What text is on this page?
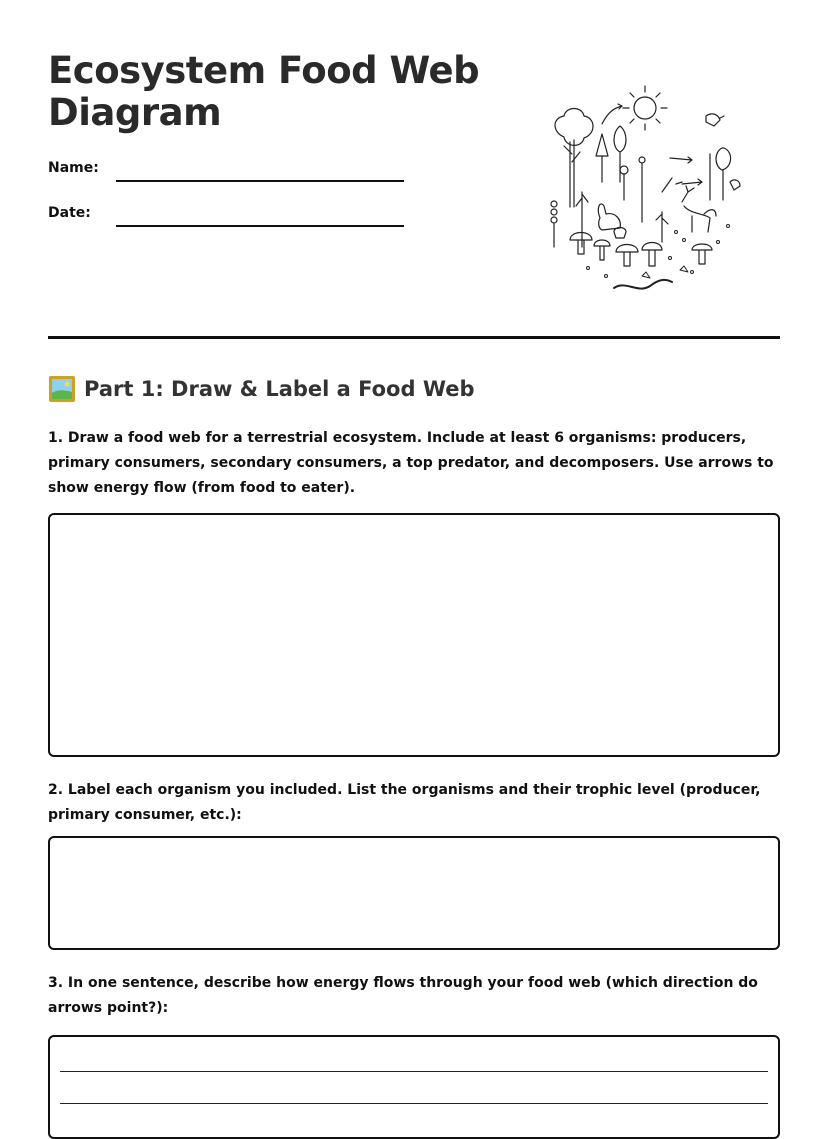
Ecosystem Food Web
Diagram
Name:
Date:
Part 1: Draw & Label a Food Web
1. Draw a food web for a terrestrial ecosystem. Include at least 6 organisms: producers, primary consumers, secondary consumers, a top predator, and decomposers. Use arrows to show energy flow (from food to eater).
2. Label each organism you included. List the organisms and their trophic level (producer, primary consumer, etc.):
3. In one sentence, describe how energy flows through your food web (which direction do arrows point?):
